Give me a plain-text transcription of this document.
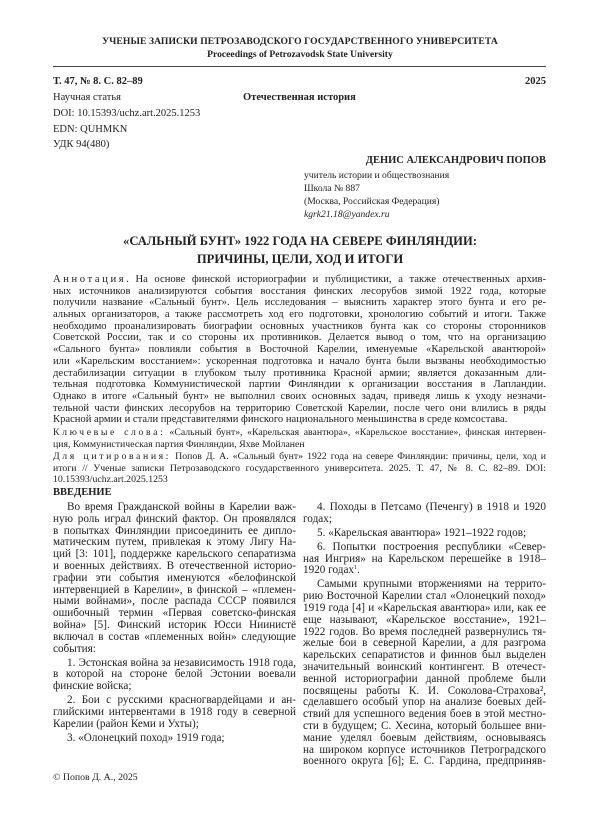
УЧЕНЫЕ ЗАПИСКИ ПЕТРОЗАВОДСКОГО ГОСУДАРСТВЕННОГО УНИВЕРСИТЕТА
Proceedings of Petrozavodsk State University
Т. 47, № 8. С. 82–89	2025
Научная статья	Отечественная история
DOI: 10.15393/uchz.art.2025.1253
EDN: QUHMKN
УДК 94(480)
ДЕНИС АЛЕКСАНДРОВИЧ ПОПОВ
учитель истории и обществознания
Школа № 887
(Москва, Российская Федерация)
kgrk21.18@yandex.ru
«САЛЬНЫЙ БУНТ» 1922 ГОДА НА СЕВЕРЕ ФИНЛЯНДИИ:
ПРИЧИНЫ, ЦЕЛИ, ХОД И ИТОГИ
Аннотация. На основе финской историографии и публицистики, а также отечественных архив-
ных источников анализируются события восстания финских лесорубов зимой 1922 года, которые
получили название «Сальный бунт». Цель исследования – выяснить характер этого бунта и его ре-
альных организаторов, а также рассмотреть ход его подготовки, хронологию событий и итоги. Также
необходимо проанализировать биографии основных участников бунта как со стороны сторонников
Советской России, так и со стороны их противников. Делается вывод о том, что на организацию
«Сального бунта» повлияли события в Восточной Карелии, именуемые «Карельской авантюрой»
или «Карельским восстанием»: ускоренная подготовка и начало бунта были вызваны необходимостью
дестабилизации ситуации в глубоком тылу противника Красной армии; является доказанным дли-
тельная подготовка Коммунистической партии Финляндии к организации восстания в Лапландии.
Однако в итоге «Сальный бунт» не выполнил своих основных задач, приведя лишь к уходу незначи-
тельной части финских лесорубов на территорию Советской Карелии, после чего они влились в ряды
Красной армии и стали представителями финского национального меньшинства в среде комсостава.
Ключевые слова: «Сальный бунт», «Карельская авантюра», «Карельское восстание», финская интервен-
ция, Коммунистическая партия Финляндии, Яхве Мойланен
Для цитирования: Попов Д. А. «Сальный бунт» 1922 года на севере Финляндии: причины, цели, ход и
итоги // Ученые записки Петрозаводского государственного университета. 2025. Т. 47, № 8. С. 82–89. DOI:
10.15393/uchz.art.2025.1253
ВВЕДЕНИЕ
Во время Гражданской войны в Карелии важ-
ную роль играл финский фактор. Он проявлялся
в попытках Финляндии присоединить ее дипло-
матическим путем, привлекая к этому Лигу На-
ций [3: 101], поддержке карельского сепаратизма
и военных действиях. В отечественной историо-
графии эти события именуются «белофинской
интервенцией в Карелии», в финской – «племен-
ными войнами», после распада СССР появился
ошибочный термин «Первая советско-финская
война» [5]. Финский историк Юсси Ниинистё
включал в состав «племенных войн» следующие
события:
1. Эстонская война за независимость 1918 года,
в которой на стороне белой Эстонии воевали
финские войска;
2. Бои с русскими красногвардейцами и ан-
глийскими интервентами в 1918 году в северной
Карелии (район Кеми и Ухты);
3. «Олонецкий поход» 1919 года;
4. Походы в Петсамо (Печенгу) в 1918 и 1920
годах;
5. «Карельская авантюра» 1921–1922 годов;
6. Попытки построения республики «Север-
ная Ингрия» на Карельском перешейке в 1918–
1920 годах$^1$.
Самыми крупными вторжениями на террито-
рию Восточной Карелии стал «Олонецкий поход»
1919 года [4] и «Карельская авантюра» или, как ее
еще называют, «Карельское восстание», 1921–
1922 годов. Во время последней развернулись тя-
желые бои в северной Карелии, а для разгрома
карельских сепаратистов и финнов был выделен
значительный воинский контингент. В отечест-
венной историографии данной проблеме были
посвящены работы К. И. Соколова-Страхова²,
сделавшего особый упор на анализе боевых дей-
ствий для успешного ведения боев в этой местно-
сти в будущем; С. Хесина, который большее вни-
мание уделял боевым действиям, основываясь
на широком корпусе источников Петроградского
военного округа [6]; Е. С. Гардина, предприняв-
© Попов Д. А., 2025
